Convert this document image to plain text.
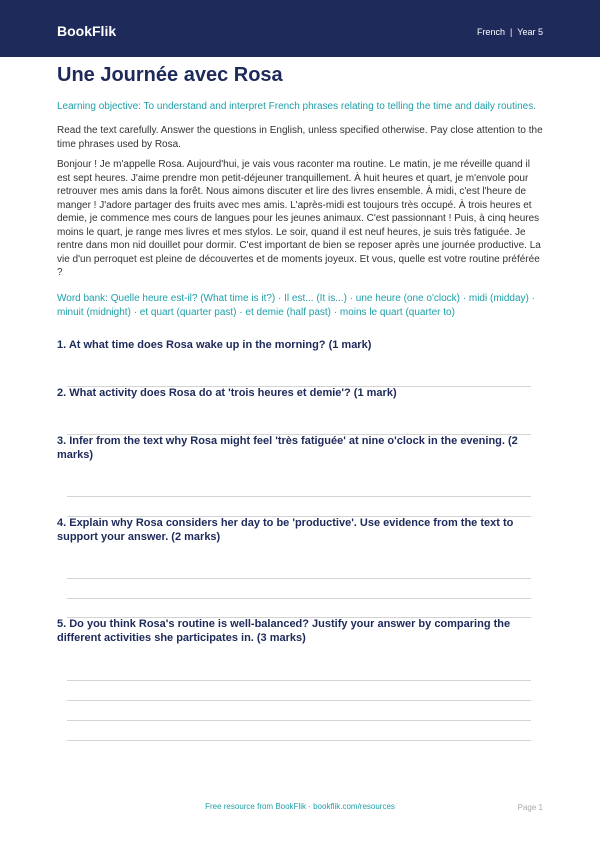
BookFlik	French | Year 5
Une Journée avec Rosa

Learning objective: To understand and interpret French phrases relating to telling the time and daily routines.

Read the text carefully. Answer the questions in English, unless specified otherwise. Pay close attention to the time phrases used by Rosa.

Bonjour ! Je m'appelle Rosa. Aujourd'hui, je vais vous raconter ma routine. Le matin, je me réveille quand il est sept heures. J'aime prendre mon petit-déjeuner tranquillement. À huit heures et quart, je m'envole pour retrouver mes amis dans la forêt. Nous aimons discuter et lire des livres ensemble. À midi, c'est l'heure de manger ! J'adore partager des fruits avec mes amis. L'après-midi est toujours très occupé. À trois heures et demie, je commence mes cours de langues pour les jeunes animaux. C'est passionnant ! Puis, à cinq heures moins le quart, je range mes livres et mes stylos. Le soir, quand il est neuf heures, je suis très fatiguée. Je rentre dans mon nid douillet pour dormir. C'est important de bien se reposer après une journée productive. La vie d'un perroquet est pleine de découvertes et de moments joyeux. Et vous, quelle est votre routine préférée ?

Word bank: Quelle heure est-il? (What time is it?) · Il est... (It is...) · une heure (one o'clock) · midi (midday) · minuit (midnight) · et quart (quarter past) · et demie (half past) · moins le quart (quarter to)

1. At what time does Rosa wake up in the morning? (1 mark)
2. What activity does Rosa do at 'trois heures et demie'? (1 mark)
3. Infer from the text why Rosa might feel 'très fatiguée' at nine o'clock in the evening. (2 marks)
4. Explain why Rosa considers her day to be 'productive'. Use evidence from the text to support your answer. (2 marks)
5. Do you think Rosa's routine is well-balanced? Justify your answer by comparing the different activities she participates in. (3 marks)
Free resource from BookFlik · bookflik.com/resources	Page 1
